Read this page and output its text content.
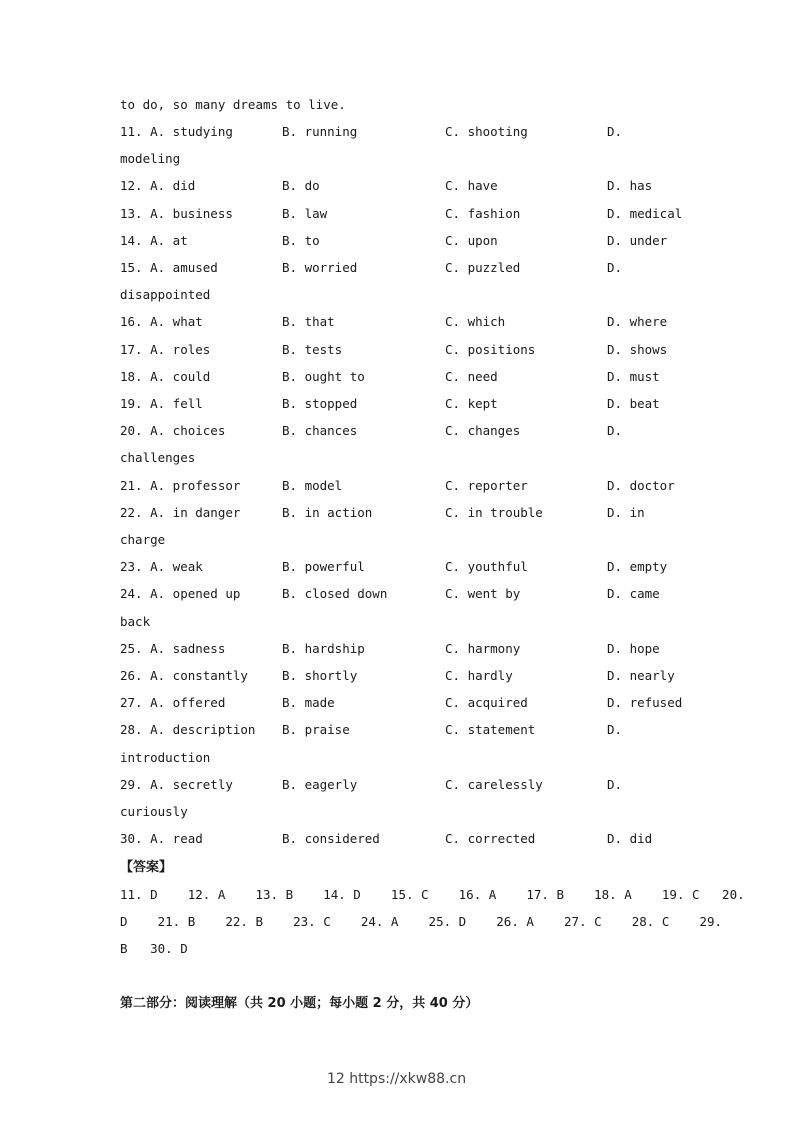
to do, so many dreams to live.
11. A. studying	B. running	C. shooting	D.
modeling
12. A. did	B. do	C. have	D. has
13. A. business	B. law	C. fashion	D. medical
14. A. at	B. to	C. upon	D. under
15. A. amused	B. worried	C. puzzled	D.
disappointed
16. A. what	B. that	C. which	D. where
17. A. roles	B. tests	C. positions	D. shows
18. A. could	B. ought to	C. need	D. must
19. A. fell	B. stopped	C. kept	D. beat
20. A. choices	B. chances	C. changes	D.
challenges
21. A. professor	B. model	C. reporter	D. doctor
22. A. in danger	B. in action	C. in trouble	D. in
charge
23. A. weak	B. powerful	C. youthful	D. empty
24. A. opened up	B. closed down	C. went by	D. came
back
25. A. sadness	B. hardship	C. harmony	D. hope
26. A. constantly	B. shortly	C. hardly	D. nearly
27. A. offered	B. made	C. acquired	D. refused
28. A. description B. praise	C. statement	D.
introduction
29. A. secretly	B. eagerly	C. carelessly	D.
curiously
30. A. read	B. considered	C. corrected	D. did
【答案】
11. D    12. A    13. B    14. D    15. C    16. A    17. B    18. A    19. C   20.
D    21. B    22. B    23. C    24. A    25. D    26. A    27. C    28. C    29.
B   30. D
第二部分：阅读理解（共 20 小题；每小题 2 分，共 40 分）
12 https://xkw88.cn
